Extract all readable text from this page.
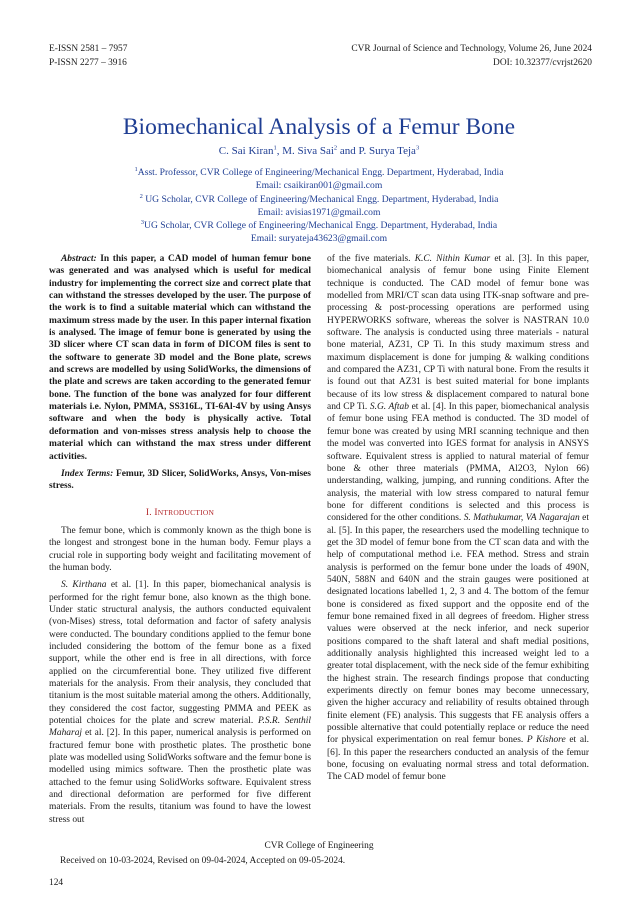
E-ISSN 2581 – 7957
P-ISSN 2277 – 3916
CVR Journal of Science and Technology, Volume 26, June 2024
DOI: 10.32377/cvrjst2620
Biomechanical Analysis of a Femur Bone
C. Sai Kiran$^1$, M. Siva Sai$^2$ and P. Surya Teja$^3$
$^1$Asst. Professor, CVR College of Engineering/Mechanical Engg. Department, Hyderabad, India
Email: csaikiran001@gmail.com
$^2$ UG Scholar, CVR College of Engineering/Mechanical Engg. Department, Hyderabad, India
Email: avisias1971@gmail.com
$^3$UG Scholar, CVR College of Engineering/Mechanical Engg. Department, Hyderabad, India
Email: suryateja43623@gmail.com

Abstract: In this paper, a CAD model of human femur bone was generated and was analysed which is useful for medical industry for implementing the correct size and correct plate that can withstand the stresses developed by the user. The purpose of the work is to find a suitable material which can withstand the maximum stress made by the user. In this paper internal fixation is analysed. The image of femur bone is generated by using the 3D slicer where CT scan data in form of DICOM files is sent to the software to generate 3D model and the Bone plate, screws and screws are modelled by using SolidWorks, the dimensions of the plate and screws are taken according to the generated femur bone. The function of the bone was analyzed for four different materials i.e. Nylon, PMMA, SS316L, TI-6Al-4V by using Ansys software and when the body is physically active. Total deformation and von-misses stress analysis help to choose the material which can withstand the max stress under different activities.

Index Terms: Femur, 3D Slicer, SolidWorks, Ansys, Von-mises stress.

I. INTRODUCTION

The femur bone, which is commonly known as the thigh bone is the longest and strongest bone in the human body. Femur plays a crucial role in supporting body weight and facilitating movement of the human body.

S. Kirthana et al. [1]. In this paper, biomechanical analysis is performed for the right femur bone, also known as the thigh bone. Under static structural analysis, the authors conducted equivalent (von-Mises) stress, total deformation and factor of safety analysis were conducted. The boundary conditions applied to the femur bone included considering the bottom of the femur bone as a fixed support, while the other end is free in all directions, with force applied on the circumferential bone. They utilized five different materials for the analysis. From their analysis, they concluded that titanium is the most suitable material among the others. Additionally, they considered the cost factor, suggesting PMMA and PEEK as potential choices for the plate and screw material. P.S.R. Senthil Maharaj et al. [2]. In this paper, numerical analysis is performed on fractured femur bone with prosthetic plates. The prosthetic bone plate was modelled using SolidWorks software and the femur bone is modelled using mimics software. Then the prosthetic plate was attached to the femur using SolidWorks software. Equivalent stress and directional deformation are performed for five different materials. From the results, titanium was found to have the lowest stress out

of the five materials. K.C. Nithin Kumar et al. [3]. In this paper, biomechanical analysis of femur bone using Finite Element technique is conducted. The CAD model of femur bone was modelled from MRI/CT scan data using ITK-snap software and pre-processing & post-processing operations are performed using HYPERWORKS software, whereas the solver is NASTRAN 10.0 software. The analysis is conducted using three materials - natural bone material, AZ31, CP Ti. In this study maximum stress and maximum displacement is done for jumping & walking conditions and compared the AZ31, CP Ti with natural bone. From the results it is found out that AZ31 is best suited material for bone implants because of its low stress & displacement compared to natural bone and CP Ti. S.G. Aftab et al. [4]. In this paper, biomechanical analysis of femur bone using FEA method is conducted. The 3D model of femur bone was created by using MRI scanning technique and then the model was converted into IGES format for analysis in ANSYS software. Equivalent stress is applied to natural material of femur bone & other three materials (PMMA, Al2O3, Nylon 66) understanding, walking, jumping, and running conditions. After the analysis, the material with low stress compared to natural femur bone for different conditions is selected and this process is considered for the other conditions. S. Mathukumar, VA Nagarajan et al. [5]. In this paper, the researchers used the modelling technique to get the 3D model of femur bone from the CT scan data and with the help of computational method i.e. FEA method. Stress and strain analysis is performed on the femur bone under the loads of 490N, 540N, 588N and 640N and the strain gauges were positioned at designated locations labelled 1, 2, 3 and 4. The bottom of the femur bone is considered as fixed support and the opposite end of the femur bone remained fixed in all degrees of freedom. Higher stress values were observed at the neck inferior, and neck superior positions compared to the shaft lateral and shaft medial positions, additionally analysis highlighted this increased weight led to a greater total displacement, with the neck side of the femur exhibiting the highest strain. The research findings propose that conducting experiments directly on femur bones may become unnecessary, given the higher accuracy and reliability of results obtained through finite element (FE) analysis. This suggests that FE analysis offers a possible alternative that could potentially replace or reduce the need for physical experimentation on real femur bones. P Kishore et al. [6]. In this paper the researchers conducted an analysis of the femur bone, focusing on evaluating normal stress and total deformation. The CAD model of femur bone

CVR College of Engineering
Received on 10-03-2024, Revised on 09-04-2024, Accepted on 09-05-2024.
124
